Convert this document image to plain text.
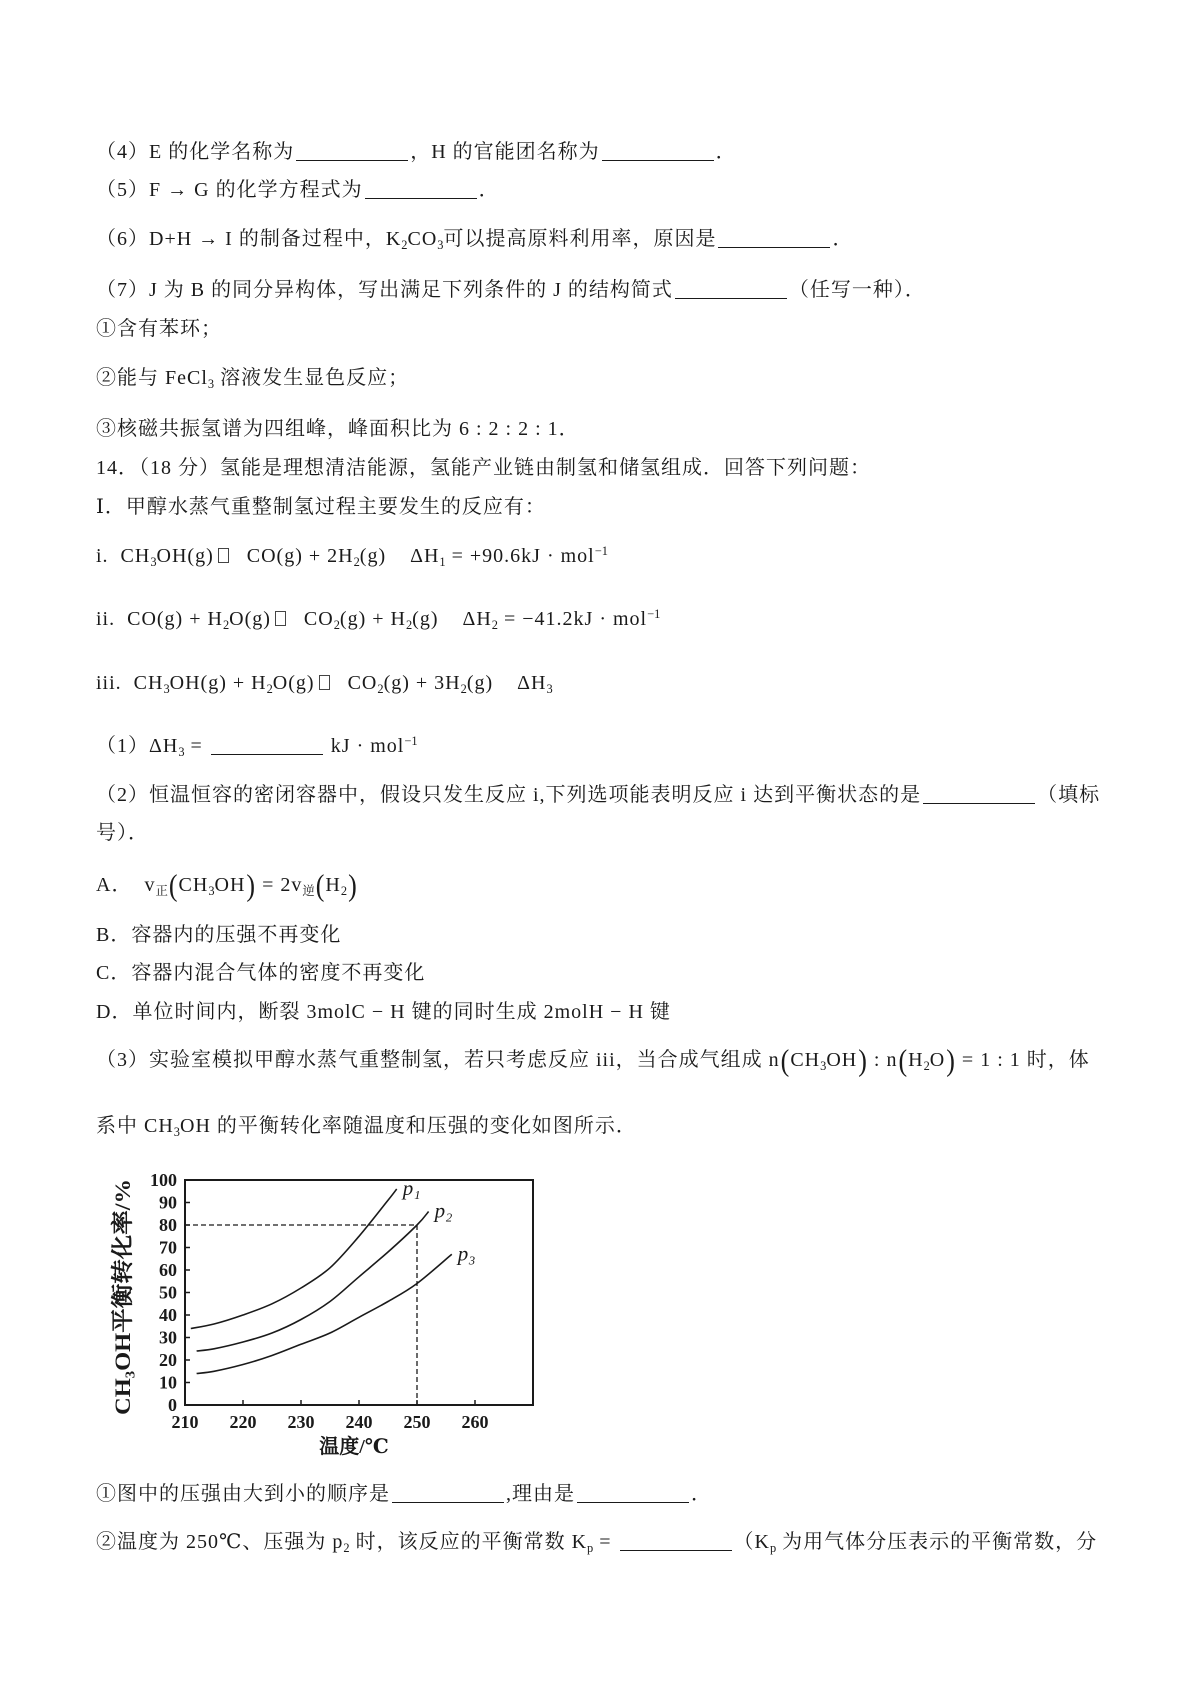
（4）E 的化学名称为	，H 的官能团名称为	．
（5）F → G 的化学方程式为	．
（6）D+H → I 的制备过程中，$K_2CO_3$可以提高原料利用率，原因是	．
（7）J 为 B 的同分异构体，写出满足下列条件的 J 的结构简式	（任写一种）．
①含有苯环；
②能与 FeCl$_3$ 溶液发生显色反应；
③核磁共振氢谱为四组峰，峰面积比为 6 : 2 : 2 : 1．
14．（18 分）氢能是理想清洁能源，氢能产业链由制氢和储氢组成．回答下列问题：
Ⅰ．甲醇水蒸气重整制氢过程主要发生的反应有：
i.  $CH_3OH(g) CO(g) + 2H_2(g)$    $\Delta H_1 = +90.6kJ \cdot mol^{-1}$
ii.  $CO(g) + H_2O(g) CO_2(g) + H_2(g)$    $\Delta H_2 = -41.2kJ \cdot mol^{-1}$
iii.  $CH_3OH(g) + H_2O(g) CO_2(g) + 3H_2(g)$    $\Delta H_3$
$(1)\Delta H_3$ =	kJ · mol$^{-1}$
（2）恒温恒容的密闭容器中，假设只发生反应 i,下列选项能表明反应 i 达到平衡状态的是	（填标
号）．
A．  $v_正(CH_3OH) = 2v_逆(H_2)$
B．容器内的压强不再变化
C．容器内混合气体的密度不再变化
D．单位时间内，断裂 3molC − H 键的同时生成 2molH − H 键
（3）实验室模拟甲醇水蒸气重整制氢，若只考虑反应 iii，当合成气组成 $n(CH_3OH)$ : $n(H_2O) = 1$ : 1 时，体
系中 $CH_3OH$ 的平衡转化率随温度和压强的变化如图所示．
0
10
20
30
40
50
60
70
80
90
100
210 220 230 240 250 260
p₁
p₂
p₃
CH₃OH平衡转化率/%
温度/℃
①图中的压强由大到小的顺序是	,理由是	．
②温度为 250℃、压强为 $p_2$ 时，该反应的平衡常数 $K_p$ =	（$K_p$ 为用气体分压表示的平衡常数，分
